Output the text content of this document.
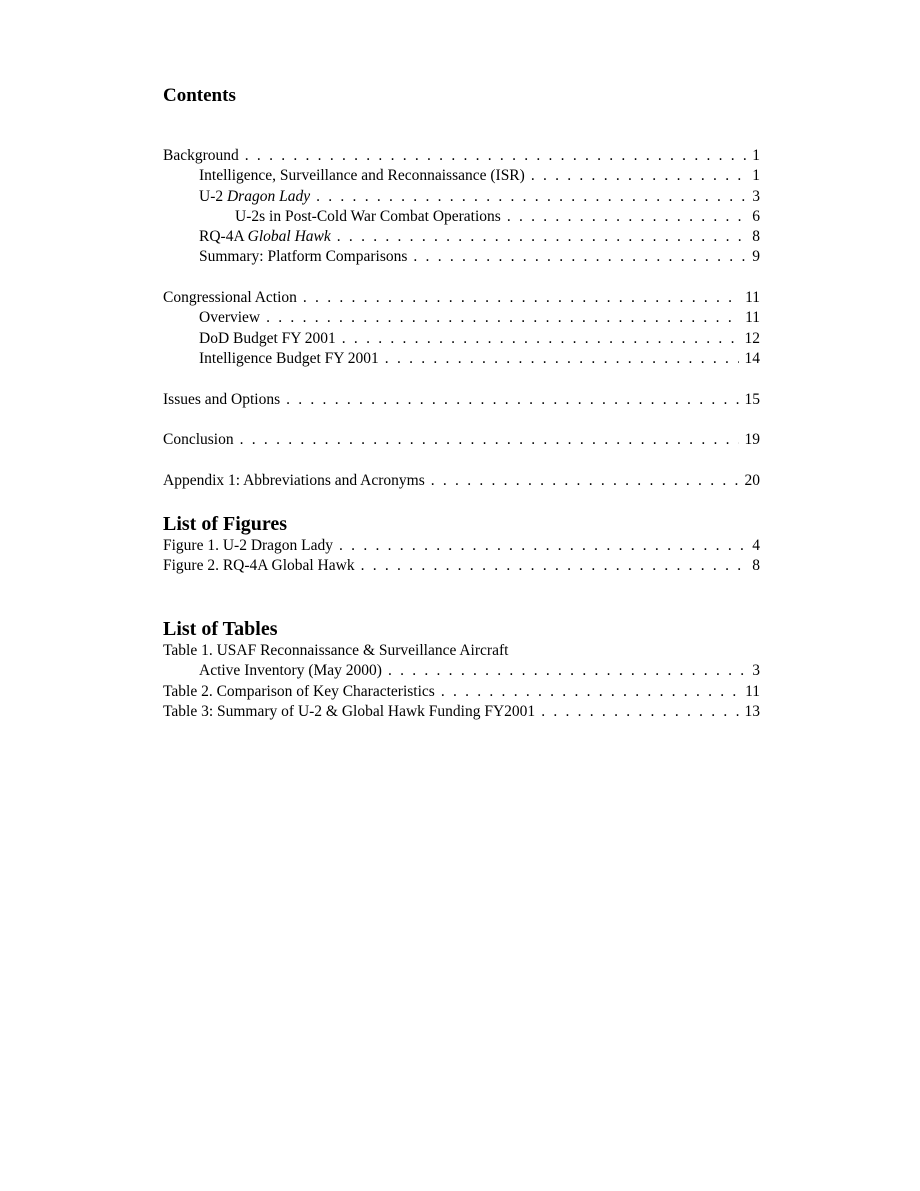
Contents
Background . . .	1
Intelligence, Surveillance and Reconnaissance (ISR) . . .	1
U-2 Dragon Lady . . .	3
U-2s in Post-Cold War Combat Operations . . .	6
RQ-4A Global Hawk . . .	8
Summary: Platform Comparisons . . .	9
Congressional Action . . .	11
Overview . . .	11
DoD Budget FY 2001 . . .	12
Intelligence Budget FY 2001 . . .	14
Issues and Options . . .	15
Conclusion . . .	19
Appendix 1: Abbreviations and Acronyms . . .	20
List of Figures
Figure 1. U-2 Dragon Lady . . .	4
Figure 2. RQ-4A Global Hawk . . .	8
List of Tables
Table 1. USAF Reconnaissance & Surveillance Aircraft
Active Inventory (May 2000) . . .	3
Table 2. Comparison of Key Characteristics . . .	11
Table 3: Summary of U-2 & Global Hawk Funding FY2001 . . .	13
